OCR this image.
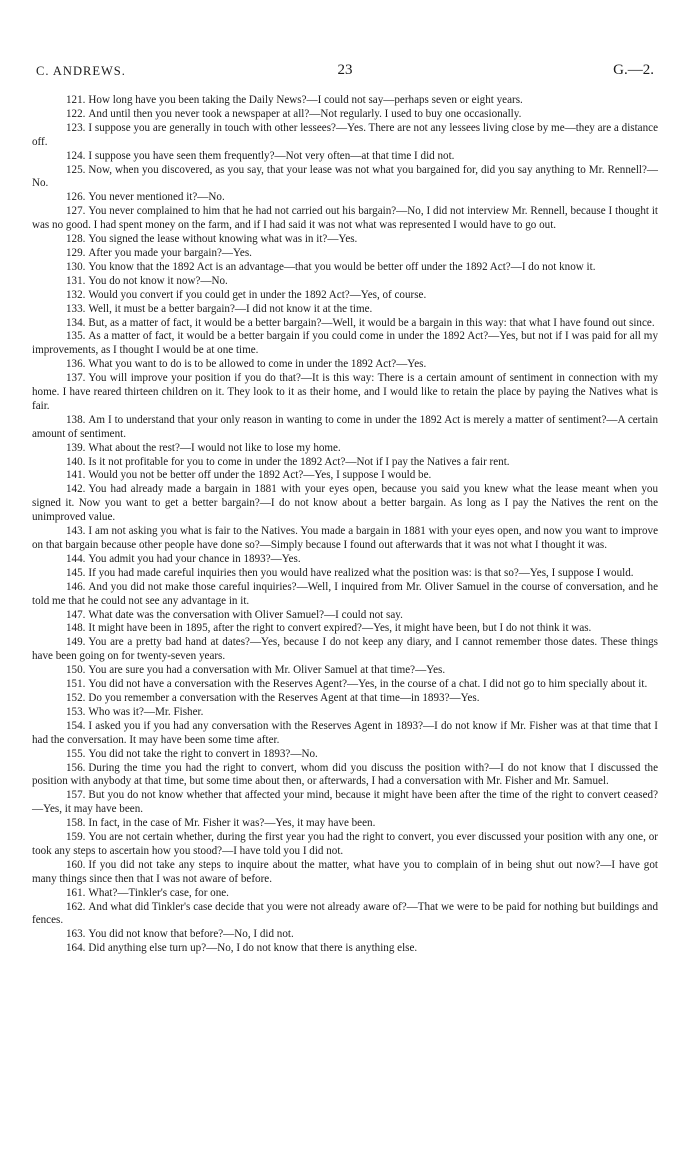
C. ANDREWS.	23	G.—2.

121. How long have you been taking the Daily News?—I could not say—perhaps seven or eight years.

122. And until then you never took a newspaper at all?—Not regularly. I used to buy one occasionally.

123. I suppose you are generally in touch with other lessees?—Yes. There are not any lessees living close by me—they are a distance off.

124. I suppose you have seen them frequently?—Not very often—at that time I did not.

125. Now, when you discovered, as you say, that your lease was not what you bargained for, did you say anything to Mr. Rennell?—No.

126. You never mentioned it?—No.

127. You never complained to him that he had not carried out his bargain?—No, I did not interview Mr. Rennell, because I thought it was no good. I had spent money on the farm, and if I had said it was not what was represented I would have to go out.

128. You signed the lease without knowing what was in it?—Yes.

129. After you made your bargain?—Yes.

130. You know that the 1892 Act is an advantage—that you would be better off under the 1892 Act?—I do not know it.

131. You do not know it now?—No.

132. Would you convert if you could get in under the 1892 Act?—Yes, of course.

133. Well, it must be a better bargain?—I did not know it at the time.

134. But, as a matter of fact, it would be a better bargain?—Well, it would be a bargain in this way: that what I have found out since.

135. As a matter of fact, it would be a better bargain if you could come in under the 1892 Act?—Yes, but not if I was paid for all my improvements, as I thought I would be at one time.

136. What you want to do is to be allowed to come in under the 1892 Act?—Yes.

137. You will improve your position if you do that?—It is this way: There is a certain amount of sentiment in connection with my home. I have reared thirteen children on it. They look to it as their home, and I would like to retain the place by paying the Natives what is fair.

138. Am I to understand that your only reason in wanting to come in under the 1892 Act is merely a matter of sentiment?—A certain amount of sentiment.

139. What about the rest?—I would not like to lose my home.

140. Is it not profitable for you to come in under the 1892 Act?—Not if I pay the Natives a fair rent.

141. Would you not be better off under the 1892 Act?—Yes, I suppose I would be.

142. You had already made a bargain in 1881 with your eyes open, because you said you knew what the lease meant when you signed it. Now you want to get a better bargain?—I do not know about a better bargain. As long as I pay the Natives the rent on the unimproved value.

143. I am not asking you what is fair to the Natives. You made a bargain in 1881 with your eyes open, and now you want to improve on that bargain because other people have done so?—Simply because I found out afterwards that it was not what I thought it was.

144. You admit you had your chance in 1893?—Yes.

145. If you had made careful inquiries then you would have realized what the position was: is that so?—Yes, I suppose I would.

146. And you did not make those careful inquiries?—Well, I inquired from Mr. Oliver Samuel in the course of conversation, and he told me that he could not see any advantage in it.

147. What date was the conversation with Oliver Samuel?—I could not say.

148. It might have been in 1895, after the right to convert expired?—Yes, it might have been, but I do not think it was.

149. You are a pretty bad hand at dates?—Yes, because I do not keep any diary, and I cannot remember those dates. These things have been going on for twenty-seven years.

150. You are sure you had a conversation with Mr. Oliver Samuel at that time?—Yes.

151. You did not have a conversation with the Reserves Agent?—Yes, in the course of a chat. I did not go to him specially about it.

152. Do you remember a conversation with the Reserves Agent at that time—in 1893?—Yes.

153. Who was it?—Mr. Fisher.

154. I asked you if you had any conversation with the Reserves Agent in 1893?—I do not know if Mr. Fisher was at that time that I had the conversation. It may have been some time after.

155. You did not take the right to convert in 1893?—No.

156. During the time you had the right to convert, whom did you discuss the position with?—I do not know that I discussed the position with anybody at that time, but some time about then, or afterwards, I had a conversation with Mr. Fisher and Mr. Samuel.

157. But you do not know whether that affected your mind, because it might have been after the time of the right to convert ceased?—Yes, it may have been.

158. In fact, in the case of Mr. Fisher it was?—Yes, it may have been.

159. You are not certain whether, during the first year you had the right to convert, you ever discussed your position with any one, or took any steps to ascertain how you stood?—I have told you I did not.

160. If you did not take any steps to inquire about the matter, what have you to complain of in being shut out now?—I have got many things since then that I was not aware of before.

161. What?—Tinkler's case, for one.

162. And what did Tinkler's case decide that you were not already aware of?—That we were to be paid for nothing but buildings and fences.

163. You did not know that before?—No, I did not.

164. Did anything else turn up?—No, I do not know that there is anything else.
